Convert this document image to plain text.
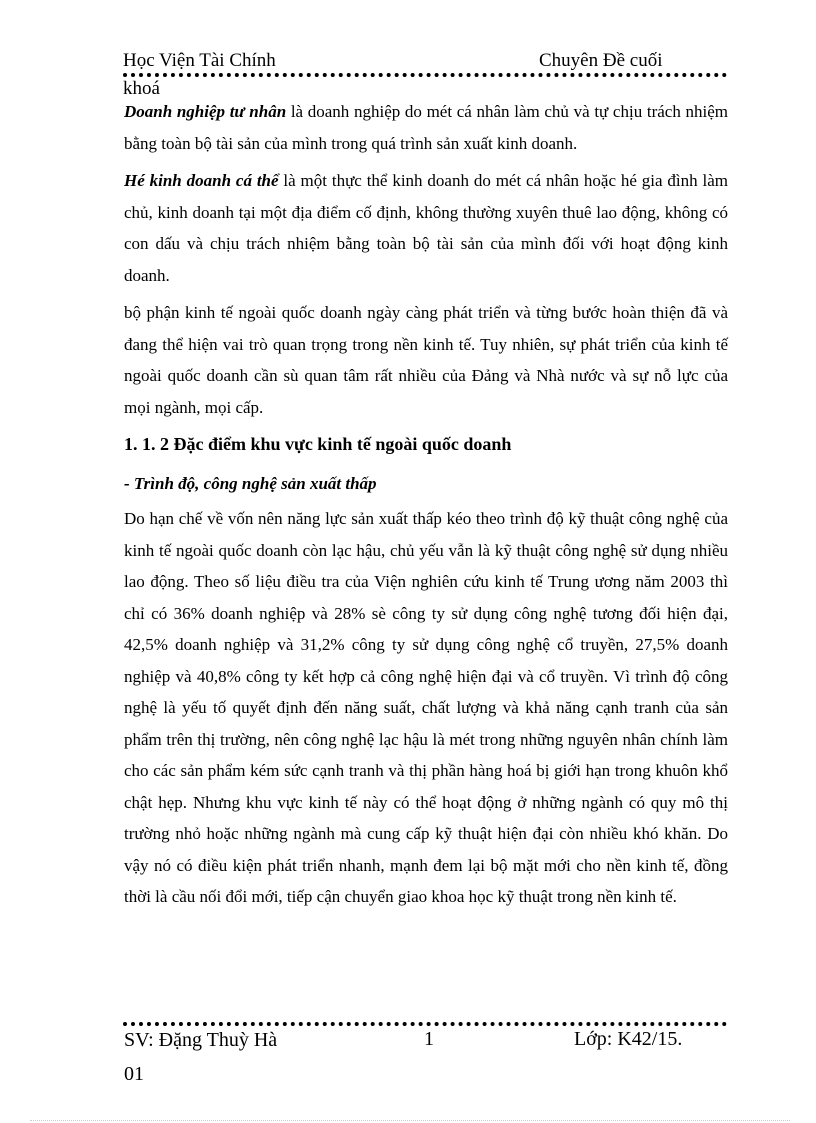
Học Viện Tài Chính
khoá
Chuyên Đề cuối

Doanh nghiệp tư nhân là doanh nghiệp do mét cá nhân làm chủ và tự chịu trách nhiệm bằng toàn bộ tài sản của mình trong quá trình sản xuất kinh doanh.

Hé kinh doanh cá thể là một thực thể kinh doanh do mét cá nhân hoặc hé gia đình làm chủ, kinh doanh tại một địa điểm cố định, không thường xuyên thuê lao động, không có con dấu và chịu trách nhiệm bằng toàn bộ tài sản của mình đối với hoạt động kinh doanh.

bộ phận kinh tế ngoài quốc doanh ngày càng phát triển và từng bước hoàn thiện đã và đang thể hiện vai trò quan trọng trong nền kinh tế. Tuy nhiên, sự phát triển của kinh tế ngoài quốc doanh cần sù quan tâm rất nhiều của Đảng và Nhà nước và sự nỗ lực của mọi ngành, mọi cấp.

1. 1. 2 Đặc điểm khu vực kinh tế ngoài quốc doanh
- Trình độ, công nghệ sản xuất thấp

Do hạn chế về vốn nên năng lực sản xuất thấp kéo theo trình độ kỹ thuật công nghệ của kinh tế ngoài quốc doanh còn lạc hậu, chủ yếu vẫn là kỹ thuật công nghệ sử dụng nhiều lao động. Theo số liệu điều tra của Viện nghiên cứu kinh tế Trung ương năm 2003 thì chỉ có 36% doanh nghiệp và 28% sè công ty sử dụng công nghệ tương đối hiện đại, 42,5% doanh nghiệp và 31,2% công ty sử dụng công nghệ cổ truyền, 27,5% doanh nghiệp và 40,8% công ty kết hợp cả công nghệ hiện đại và cổ truyền. Vì trình độ công nghệ là yếu tố quyết định đến năng suất, chất lượng và khả năng cạnh tranh của sản phẩm trên thị trường, nên công nghệ lạc hậu là mét trong những nguyên nhân chính làm cho các sản phẩm kém sức cạnh tranh và thị phần hàng hoá bị giới hạn trong khuôn khổ chật hẹp. Nhưng khu vực kinh tế này có thể hoạt động ở những ngành có quy mô thị trường nhỏ hoặc những ngành mà cung cấp kỹ thuật hiện đại còn nhiều khó khăn. Do vậy nó có điều kiện phát triển nhanh, mạnh đem lại bộ mặt mới cho nền kinh tế, đồng thời là cầu nối đổi mới, tiếp cận chuyển giao khoa học kỹ thuật trong nền kinh tế.

SV: Đặng Thuỳ Hà
01
1	Lớp: K42/15.
